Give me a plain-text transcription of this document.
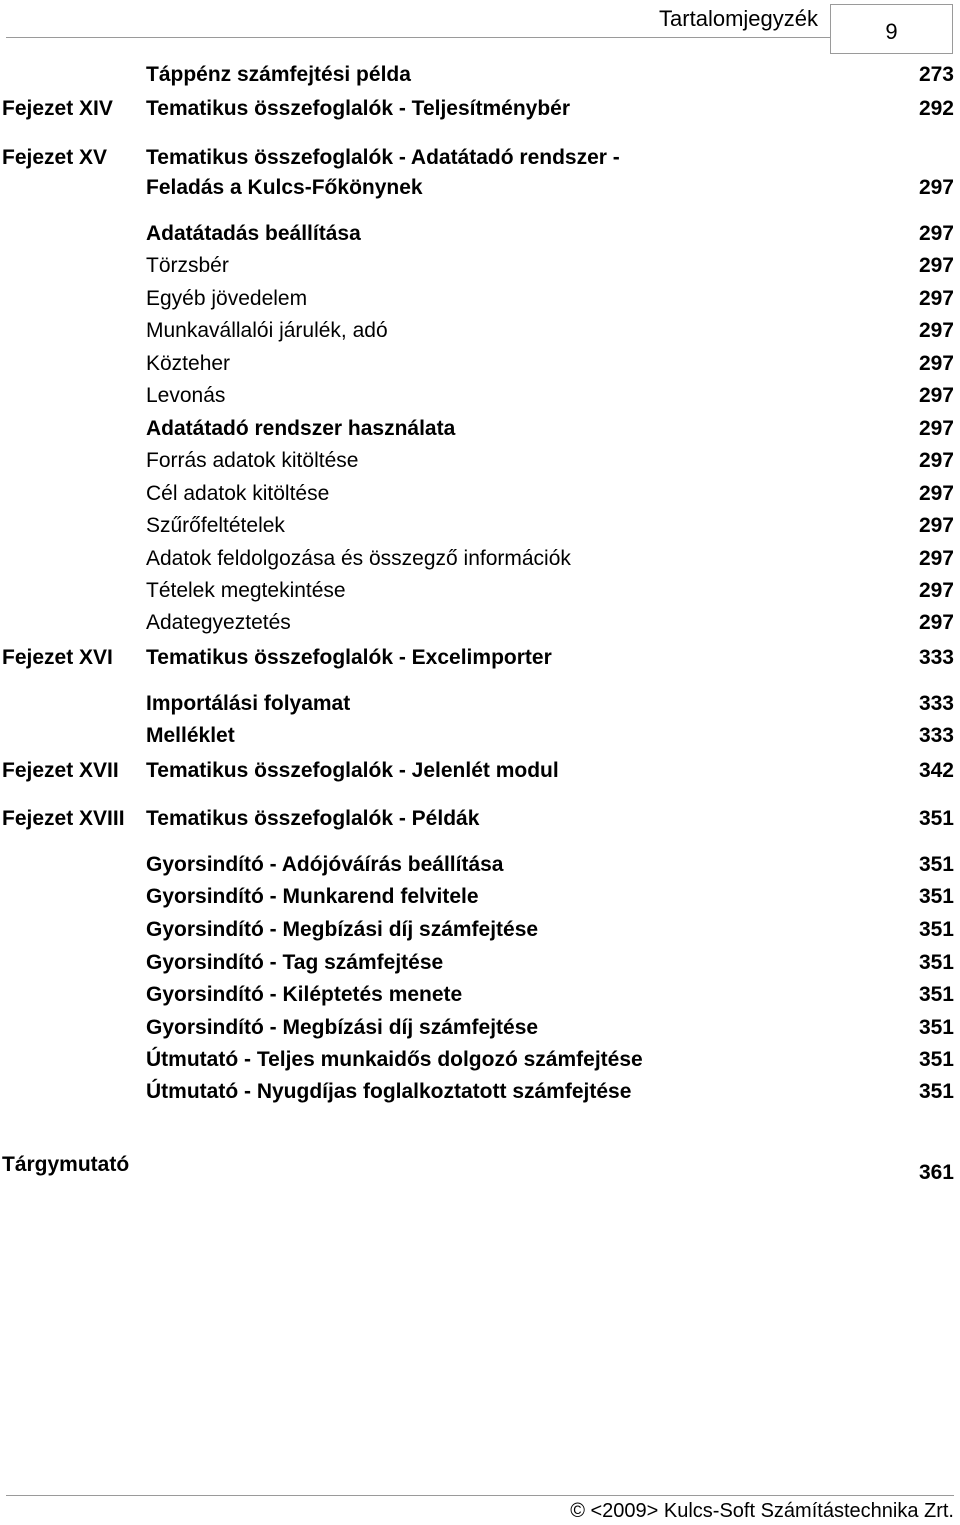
Tartalomjegyzék
9
Táppénz számfejtési példa	273
Fejezet XIV Tematikus összefoglalók - Teljesítménybér	292
Fejezet XV Tematikus összefoglalók - Adatátadó rendszer -
Feladás a Kulcs-Főkönynek	297
Adatátadás beállítása	297
Törzsbér	297
Egyéb jövedelem	297
Munkavállalói járulék, adó	297
Közteher	297
Levonás	297
Adatátadó rendszer használata	297
Forrás adatok kitöltése	297
Cél adatok kitöltése	297
Szűrőfeltételek	297
Adatok feldolgozása és összegző információk	297
Tételek megtekintése	297
Adategyeztetés	297
Fejezet XVI Tematikus összefoglalók - Excelimporter	333
Importálási folyamat	333
Melléklet	333
Fejezet XVII Tematikus összefoglalók - Jelenlét modul	342
Fejezet XVIII Tematikus összefoglalók - Példák	351
Gyorsindító - Adójóváírás beállítása	351
Gyorsindító - Munkarend felvitele	351
Gyorsindító - Megbízási díj számfejtése	351
Gyorsindító - Tag számfejtése	351
Gyorsindító - Kiléptetés menete	351
Gyorsindító - Megbízási díj számfejtése	351
Útmutató - Teljes munkaidős dolgozó számfejtése	351
Útmutató - Nyugdíjas foglalkoztatott számfejtése	351
Tárgymutató	361
© <2009> Kulcs-Soft Számítástechnika Zrt.
